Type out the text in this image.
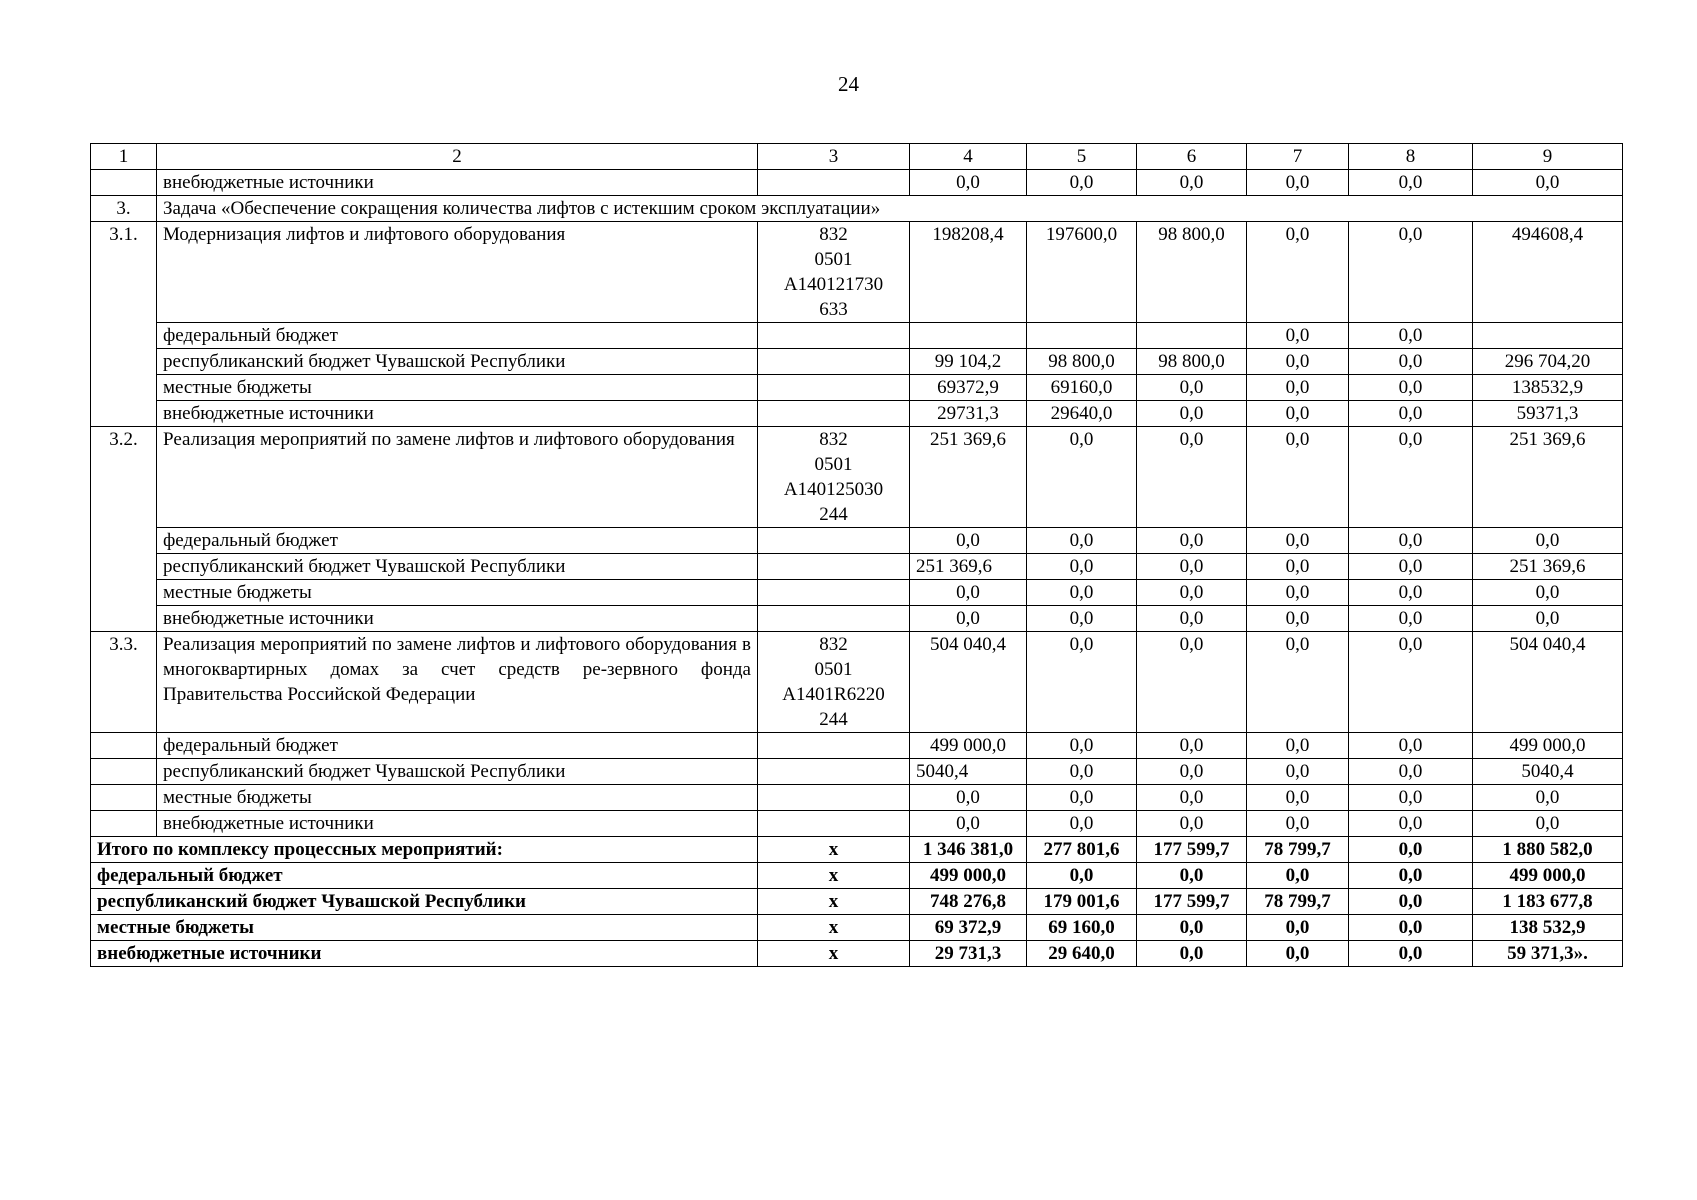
24
1	2	3	4	5	6	7	8	9
	внебюджетные источники		0,0	0,0	0,0	0,0	0,0	0,0
3.	Задача «Обеспечение сокращения количества лифтов с истекшим сроком эксплуатации»							
3.1.	Модернизация лифтов и лифтового оборудования	832
0501
А140121730
633	198208,4	197600,0	98 800,0	0,0	0,0	494608,4
	федеральный бюджет					0,0	0,0	
	республиканский бюджет Чувашской Республики		99 104,2	98 800,0	98 800,0	0,0	0,0	296 704,20
	местные бюджеты		69372,9	69160,0	0,0	0,0	0,0	138532,9
	внебюджетные источники		29731,3	29640,0	0,0	0,0	0,0	59371,3
3.2.	Реализация мероприятий по замене лифтов и лифтового оборудования	832
0501
А140125030
244	251 369,6	0,0	0,0	0,0	0,0	251 369,6
	федеральный бюджет		0,0	0,0	0,0	0,0	0,0	0,0
	республиканский бюджет Чувашской Республики		251 369,6	0,0	0,0	0,0	0,0	251 369,6
	местные бюджеты		0,0	0,0	0,0	0,0	0,0	0,0
	внебюджетные источники		0,0	0,0	0,0	0,0	0,0	0,0
3.3.	Реализация мероприятий по замене лифтов и лифтового оборудования в многоквартирных домах за счет средств ре-зервного фонда Правительства Российской Федерации	832
0501
А1401R6220
244	504 040,4	0,0	0,0	0,0	0,0	504 040,4
	федеральный бюджет		499 000,0	0,0	0,0	0,0	0,0	499 000,0
	республиканский бюджет Чувашской Республики		5040,4	0,0	0,0	0,0	0,0	5040,4
	местные бюджеты		0,0	0,0	0,0	0,0	0,0	0,0
	внебюджетные источники		0,0	0,0	0,0	0,0	0,0	0,0
Итого по комплексу процессных мероприятий:		х	1 346 381,0	277 801,6	177 599,7	78 799,7	0,0	1 880 582,0
федеральный бюджет		х	499 000,0	0,0	0,0	0,0	0,0	499 000,0
республиканский бюджет Чувашской Республики		х	748 276,8	179 001,6	177 599,7	78 799,7	0,0	1 183 677,8
местные бюджеты		х	69 372,9	69 160,0	0,0	0,0	0,0	138 532,9
внебюджетные источники		х	29 731,3	29 640,0	0,0	0,0	0,0	59 371,3».
